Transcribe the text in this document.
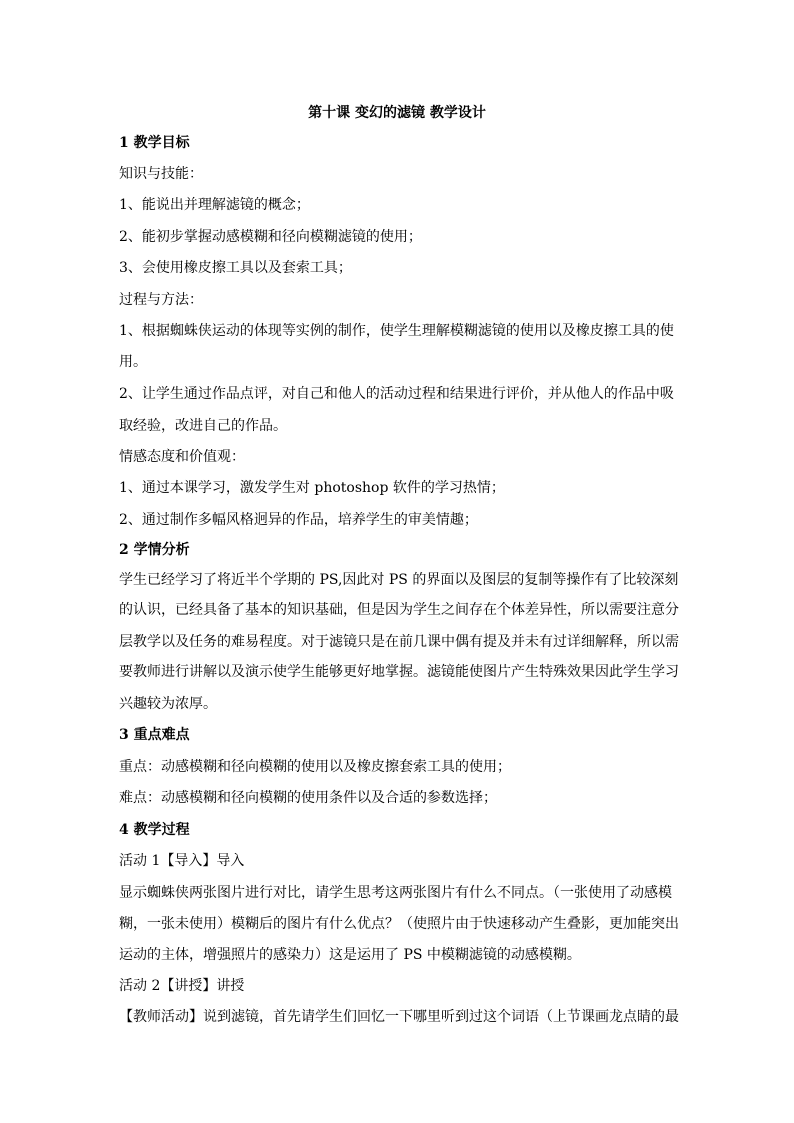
第十课 变幻的滤镜 教学设计
1 教学目标
知识与技能：
1、能说出并理解滤镜的概念；
2、能初步掌握动感模糊和径向模糊滤镜的使用；
3、会使用橡皮擦工具以及套索工具；
过程与方法：
1、根据蜘蛛侠运动的体现等实例的制作，使学生理解模糊滤镜的使用以及橡皮擦工具的使
用。
2、让学生通过作品点评，对自己和他人的活动过程和结果进行评价，并从他人的作品中吸
取经验，改进自己的作品。
情感态度和价值观：
1、通过本课学习，激发学生对 photoshop 软件的学习热情；
2、通过制作多幅风格迥异的作品，培养学生的审美情趣；
2 学情分析
学生已经学习了将近半个学期的 PS,因此对 PS 的界面以及图层的复制等操作有了比较深刻
的认识，已经具备了基本的知识基础，但是因为学生之间存在个体差异性，所以需要注意分
层教学以及任务的难易程度。对于滤镜只是在前几课中偶有提及并未有过详细解释，所以需
要教师进行讲解以及演示使学生能够更好地掌握。滤镜能使图片产生特殊效果因此学生学习
兴趣较为浓厚。
3 重点难点
重点：动感模糊和径向模糊的使用以及橡皮擦套索工具的使用；
难点：动感模糊和径向模糊的使用条件以及合适的参数选择；
4 教学过程
活动 1【导入】导入
显示蜘蛛侠两张图片进行对比，请学生思考这两张图片有什么不同点。（一张使用了动感模
糊，一张未使用）模糊后的图片有什么优点？（使照片由于快速移动产生叠影，更加能突出
运动的主体，增强照片的感染力）这是运用了 PS 中模糊滤镜的动感模糊。
活动 2【讲授】讲授
【教师活动】说到滤镜，首先请学生们回忆一下哪里听到过这个词语（上节课画龙点睛的最
